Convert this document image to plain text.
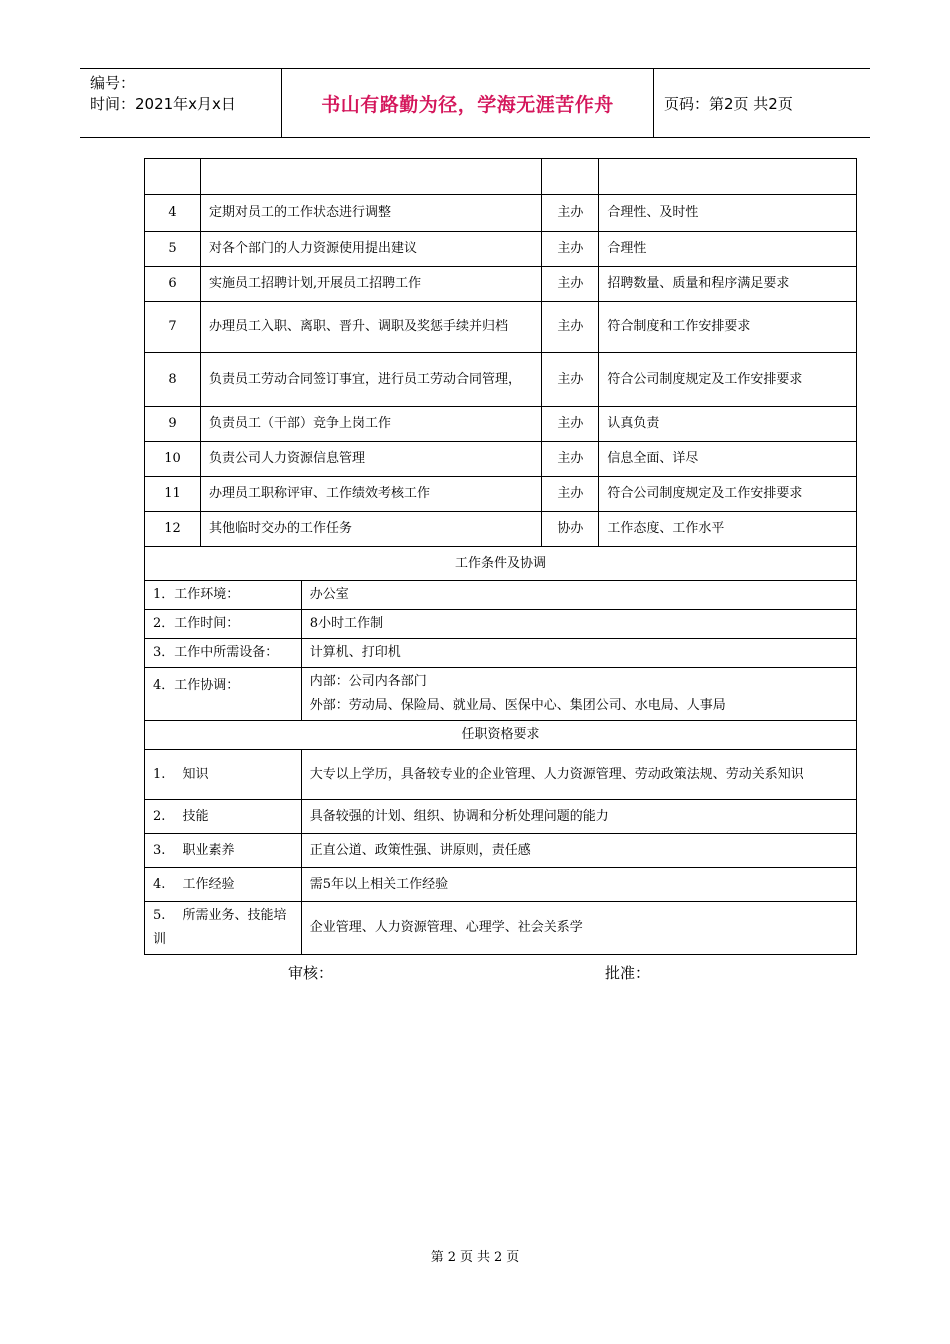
编号：
时间：2021年x月x日	书山有路勤为径，学海无涯苦作舟	页码：第2页 共2页

4	定期对员工的工作状态进行调整		主办	合理性、及时性
5	对各个部门的人力资源使用提出建议		主办	合理性
6	实施员工招聘计划,开展员工招聘工作		主办	招聘数量、质量和程序满足要求
7	办理员工入职、离职、晋升、调职及奖惩手续并归档		主办	符合制度和工作安排要求
8	负责员工劳动合同签订事宜，进行员工劳动合同管理，		主办	符合公司制度规定及工作安排要求
9	负责员工（干部）竞争上岗工作		主办	认真负责
10	负责公司人力资源信息管理		主办	信息全面、详尽
11	办理员工职称评审、工作绩效考核工作		主办	符合公司制度规定及工作安排要求
12	其他临时交办的工作任务		协办	工作态度、工作水平
工作条件及协调				
1．工作环境：		办公室		
2．工作时间：		8小时工作制		
3．工作中所需设备：		计算机、打印机		
4．工作协调：		内部：公司内各部门
外部：劳动局、保险局、就业局、医保中心、集团公司、水电局、人事局		

任职资格要求				
1.　 知识		大专以上学历，具备较专业的企业管理、人力资源管理、劳动政策法规、劳动关系知识		
2.　 技能		具备较强的计划、组织、协调和分析处理问题的能力		
3.　 职业素养		正直公道、政策性强、讲原则，责任感		
4.　 工作经验		需5年以上相关工作经验		
5.　 所需业务、技能培训		企业管理、人力资源管理、心理学、社会关系学		
审核：	批准：
第 2 页 共 2 页
